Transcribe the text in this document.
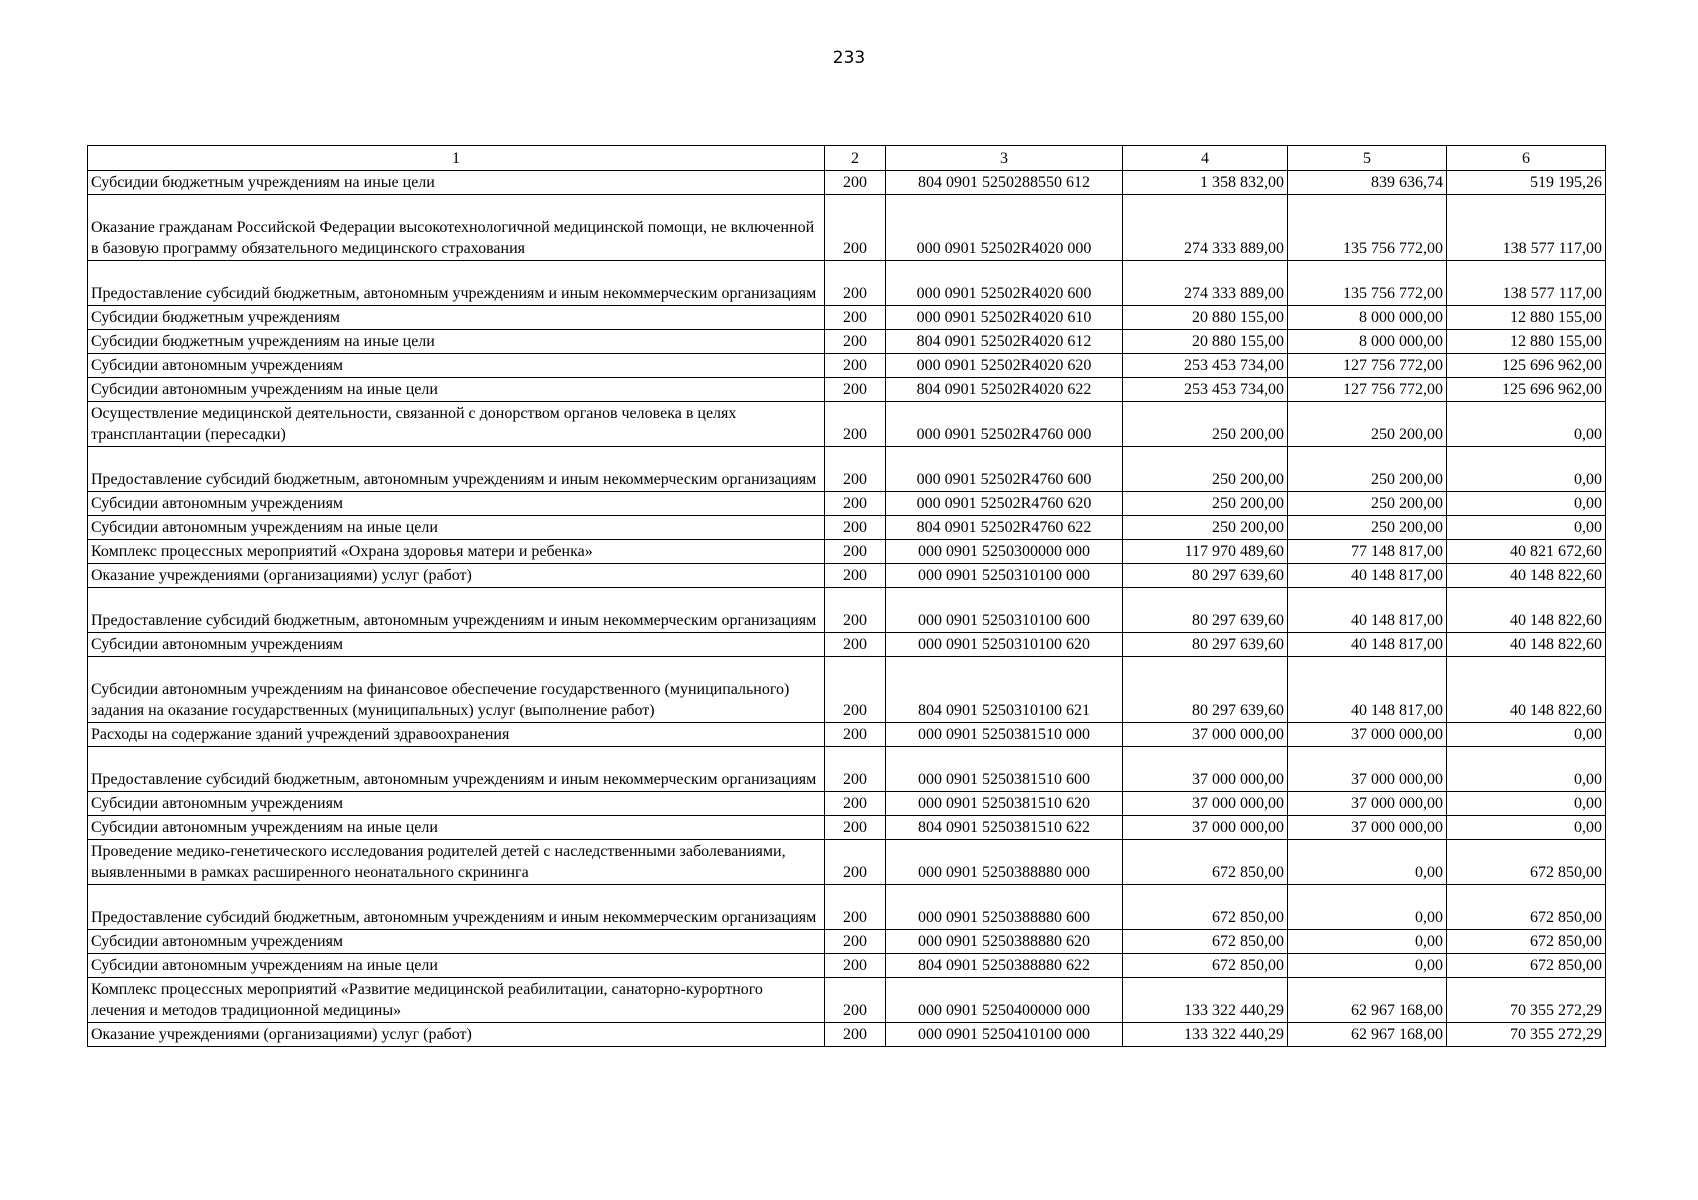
233
1	2	3	4	5	6
Субсидии бюджетным учреждениям на иные цели	200	804 0901 5250288550 612	1 358 832,00	839 636,74	519 195,26
Оказание гражданам Российской Федерации высокотехнологичной медицинской помощи, не включенной в базовую программу обязательного медицинского страхования	200	000 0901 52502R4020 000	274 333 889,00	135 756 772,00	138 577 117,00
Предоставление субсидий бюджетным, автономным учреждениям и иным некоммерческим организациям	200	000 0901 52502R4020 600	274 333 889,00	135 756 772,00	138 577 117,00
Субсидии бюджетным учреждениям	200	000 0901 52502R4020 610	20 880 155,00	8 000 000,00	12 880 155,00
Субсидии бюджетным учреждениям на иные цели	200	804 0901 52502R4020 612	20 880 155,00	8 000 000,00	12 880 155,00
Субсидии автономным учреждениям	200	000 0901 52502R4020 620	253 453 734,00	127 756 772,00	125 696 962,00
Субсидии автономным учреждениям на иные цели	200	804 0901 52502R4020 622	253 453 734,00	127 756 772,00	125 696 962,00
Осуществление медицинской деятельности, связанной с донорством органов человека в целях трансплантации (пересадки)	200	000 0901 52502R4760 000	250 200,00	250 200,00	0,00
Предоставление субсидий бюджетным, автономным учреждениям и иным некоммерческим организациям	200	000 0901 52502R4760 600	250 200,00	250 200,00	0,00
Субсидии автономным учреждениям	200	000 0901 52502R4760 620	250 200,00	250 200,00	0,00
Субсидии автономным учреждениям на иные цели	200	804 0901 52502R4760 622	250 200,00	250 200,00	0,00
Комплекс процессных мероприятий «Охрана здоровья матери и ребенка»	200	000 0901 5250300000 000	117 970 489,60	77 148 817,00	40 821 672,60
Оказание учреждениями (организациями) услуг (работ)	200	000 0901 5250310100 000	80 297 639,60	40 148 817,00	40 148 822,60
Предоставление субсидий бюджетным, автономным учреждениям и иным некоммерческим организациям	200	000 0901 5250310100 600	80 297 639,60	40 148 817,00	40 148 822,60
Субсидии автономным учреждениям	200	000 0901 5250310100 620	80 297 639,60	40 148 817,00	40 148 822,60
Субсидии автономным учреждениям на финансовое обеспечение государственного (муниципального) задания на оказание государственных (муниципальных) услуг (выполнение работ)	200	804 0901 5250310100 621	80 297 639,60	40 148 817,00	40 148 822,60
Расходы на содержание зданий учреждений здравоохранения	200	000 0901 5250381510 000	37 000 000,00	37 000 000,00	0,00
Предоставление субсидий бюджетным, автономным учреждениям и иным некоммерческим организациям	200	000 0901 5250381510 600	37 000 000,00	37 000 000,00	0,00
Субсидии автономным учреждениям	200	000 0901 5250381510 620	37 000 000,00	37 000 000,00	0,00
Субсидии автономным учреждениям на иные цели	200	804 0901 5250381510 622	37 000 000,00	37 000 000,00	0,00
Проведение медико-генетического исследования родителей детей с наследственными заболеваниями, выявленными в рамках расширенного неонатального скрининга	200	000 0901 5250388880 000	672 850,00	0,00	672 850,00
Предоставление субсидий бюджетным, автономным учреждениям и иным некоммерческим организациям	200	000 0901 5250388880 600	672 850,00	0,00	672 850,00
Субсидии автономным учреждениям	200	000 0901 5250388880 620	672 850,00	0,00	672 850,00
Субсидии автономным учреждениям на иные цели	200	804 0901 5250388880 622	672 850,00	0,00	672 850,00
Комплекс процессных мероприятий «Развитие медицинской реабилитации, санаторно-курортного лечения и методов традиционной медицины»	200	000 0901 5250400000 000	133 322 440,29	62 967 168,00	70 355 272,29
Оказание учреждениями (организациями) услуг (работ)	200	000 0901 5250410100 000	133 322 440,29	62 967 168,00	70 355 272,29
